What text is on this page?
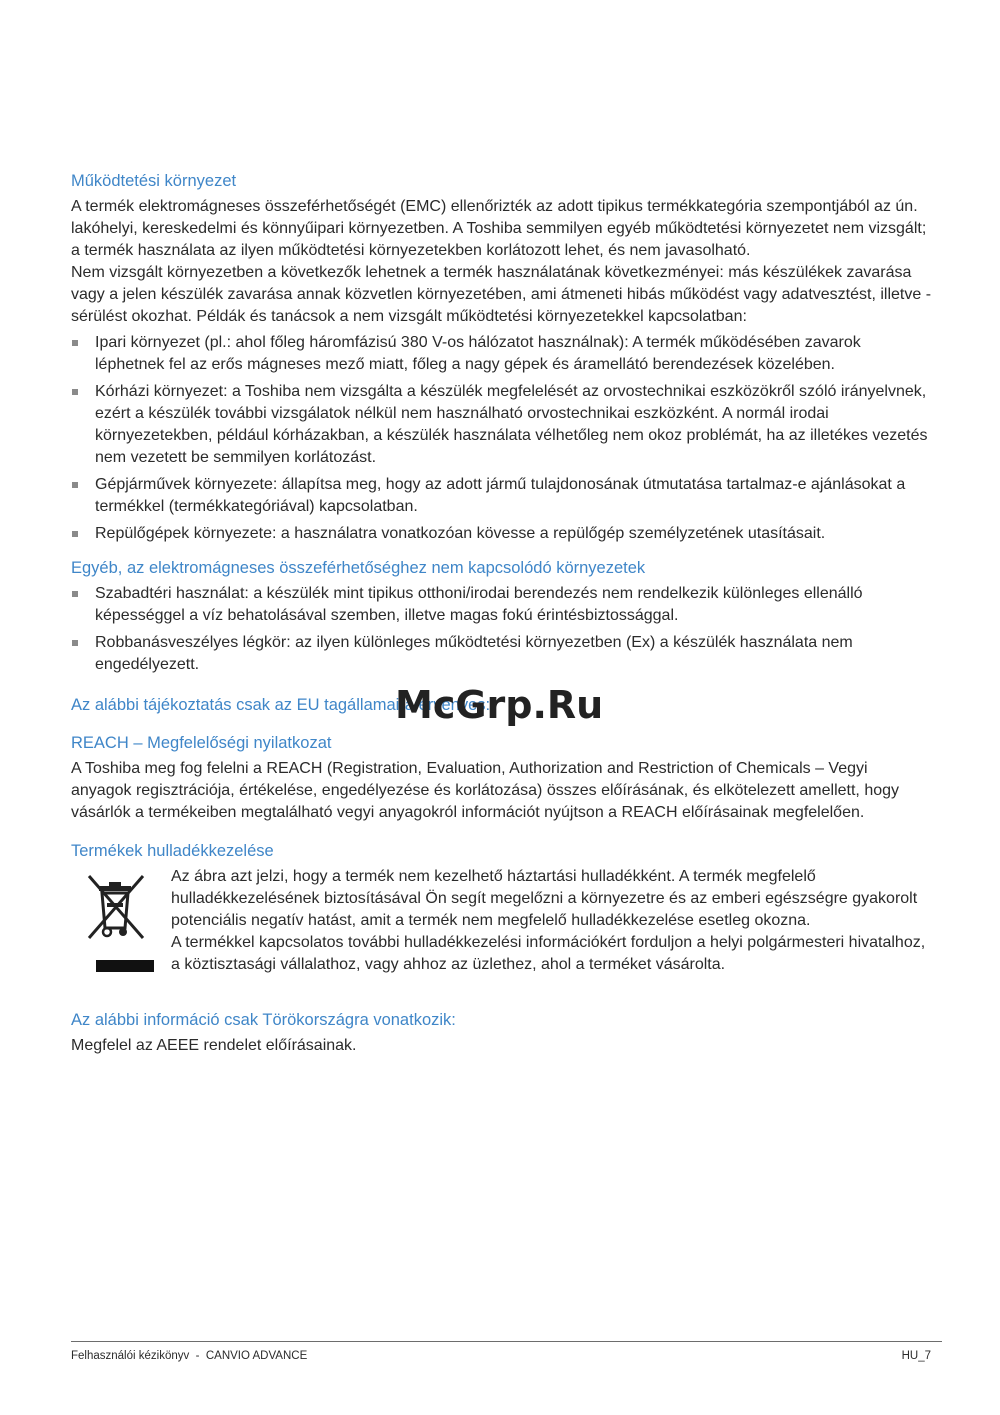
Működtetési környezet

A termék elektromágneses összeférhetőségét (EMC) ellenőrizték az adott tipikus termékkategória szempontjából az ún. lakóhelyi, kereskedelmi és könnyűipari környezetben. A Toshiba semmilyen egyéb működtetési környezetet nem vizsgált; a termék használata az ilyen működtetési környezetekben korlátozott lehet, és nem javasolható.

Nem vizsgált környezetben a következők lehetnek a termék használatának következményei: más készülékek zavarása vagy a jelen készülék zavarása annak közvetlen környezetében, ami átmeneti hibás működést vagy adatvesztést, illetve -sérülést okozhat. Példák és tanácsok a nem vizsgált működtetési környezetekkel kapcsolatban:

Ipari környezet (pl.: ahol főleg háromfázisú 380 V-os hálózatot használnak): A termék működésében zavarok léphetnek fel az erős mágneses mező miatt, főleg a nagy gépek és áramellátó berendezések közelében.
Kórházi környezet: a Toshiba nem vizsgálta a készülék megfelelését az orvostechnikai eszközökről szóló irányelvnek, ezért a készülék további vizsgálatok nélkül nem használható orvostechnikai eszközként. A normál irodai környezetekben, például kórházakban, a készülék használata vélhetőleg nem okoz problémát, ha az illetékes vezetés nem vezetett be semmilyen korlátozást.
Gépjárművek környezete: állapítsa meg, hogy az adott jármű tulajdonosának útmutatása tartalmaz-e ajánlásokat a termékkel (termékkategóriával) kapcsolatban.
Repülőgépek környezete: a használatra vonatkozóan kövesse a repülőgép személyzetének utasításait.
Egyéb, az elektromágneses összeférhetőséghez nem kapcsolódó környezetek
Szabadtéri használat: a készülék mint tipikus otthoni/irodai berendezés nem rendelkezik különleges ellenálló képességgel a víz behatolásával szemben, illetve magas fokú érintésbiztossággal.
Robbanásveszélyes légkör: az ilyen különleges működtetési környezetben (Ex) a készülék használata nem engedélyezett.
Az alábbi tájékoztatás csak az EU tagállamaira érvényes:
REACH – Megfelelőségi nyilatkozat

A Toshiba meg fog felelni a REACH (Registration, Evaluation, Authorization and Restriction of Chemicals – Vegyi anyagok regisztrációja, értékelése, engedélyezése és korlátozása) összes előírásának, és elkötelezett amellett, hogy vásárlók a termékeiben megtalálható vegyi anyagokról információt nyújtson a REACH előírásainak megfelelően.

Termékek hulladékkezelése

Az ábra azt jelzi, hogy a termék nem kezelhető háztartási hulladékként. A termék megfelelő hulladékkezelésének biztosításával Ön segít megelőzni a környezetre és az emberi egészségre gyakorolt potenciális negatív hatást, amit a termék nem megfelelő hulladékkezelése esetleg okozna.

A termékkel kapcsolatos további hulladékkezelési információkért forduljon a helyi polgármesteri hivatalhoz, a köztisztasági vállalathoz, vagy ahhoz az üzlethez, ahol a terméket vásárolta.

Az alábbi információ csak Törökországra vonatkozik:

Megfelel az AEEE rendelet előírásainak.

McGrp.Ru
Felhasználói kézikönyv  -  CANVIO ADVANCE	HU_7
